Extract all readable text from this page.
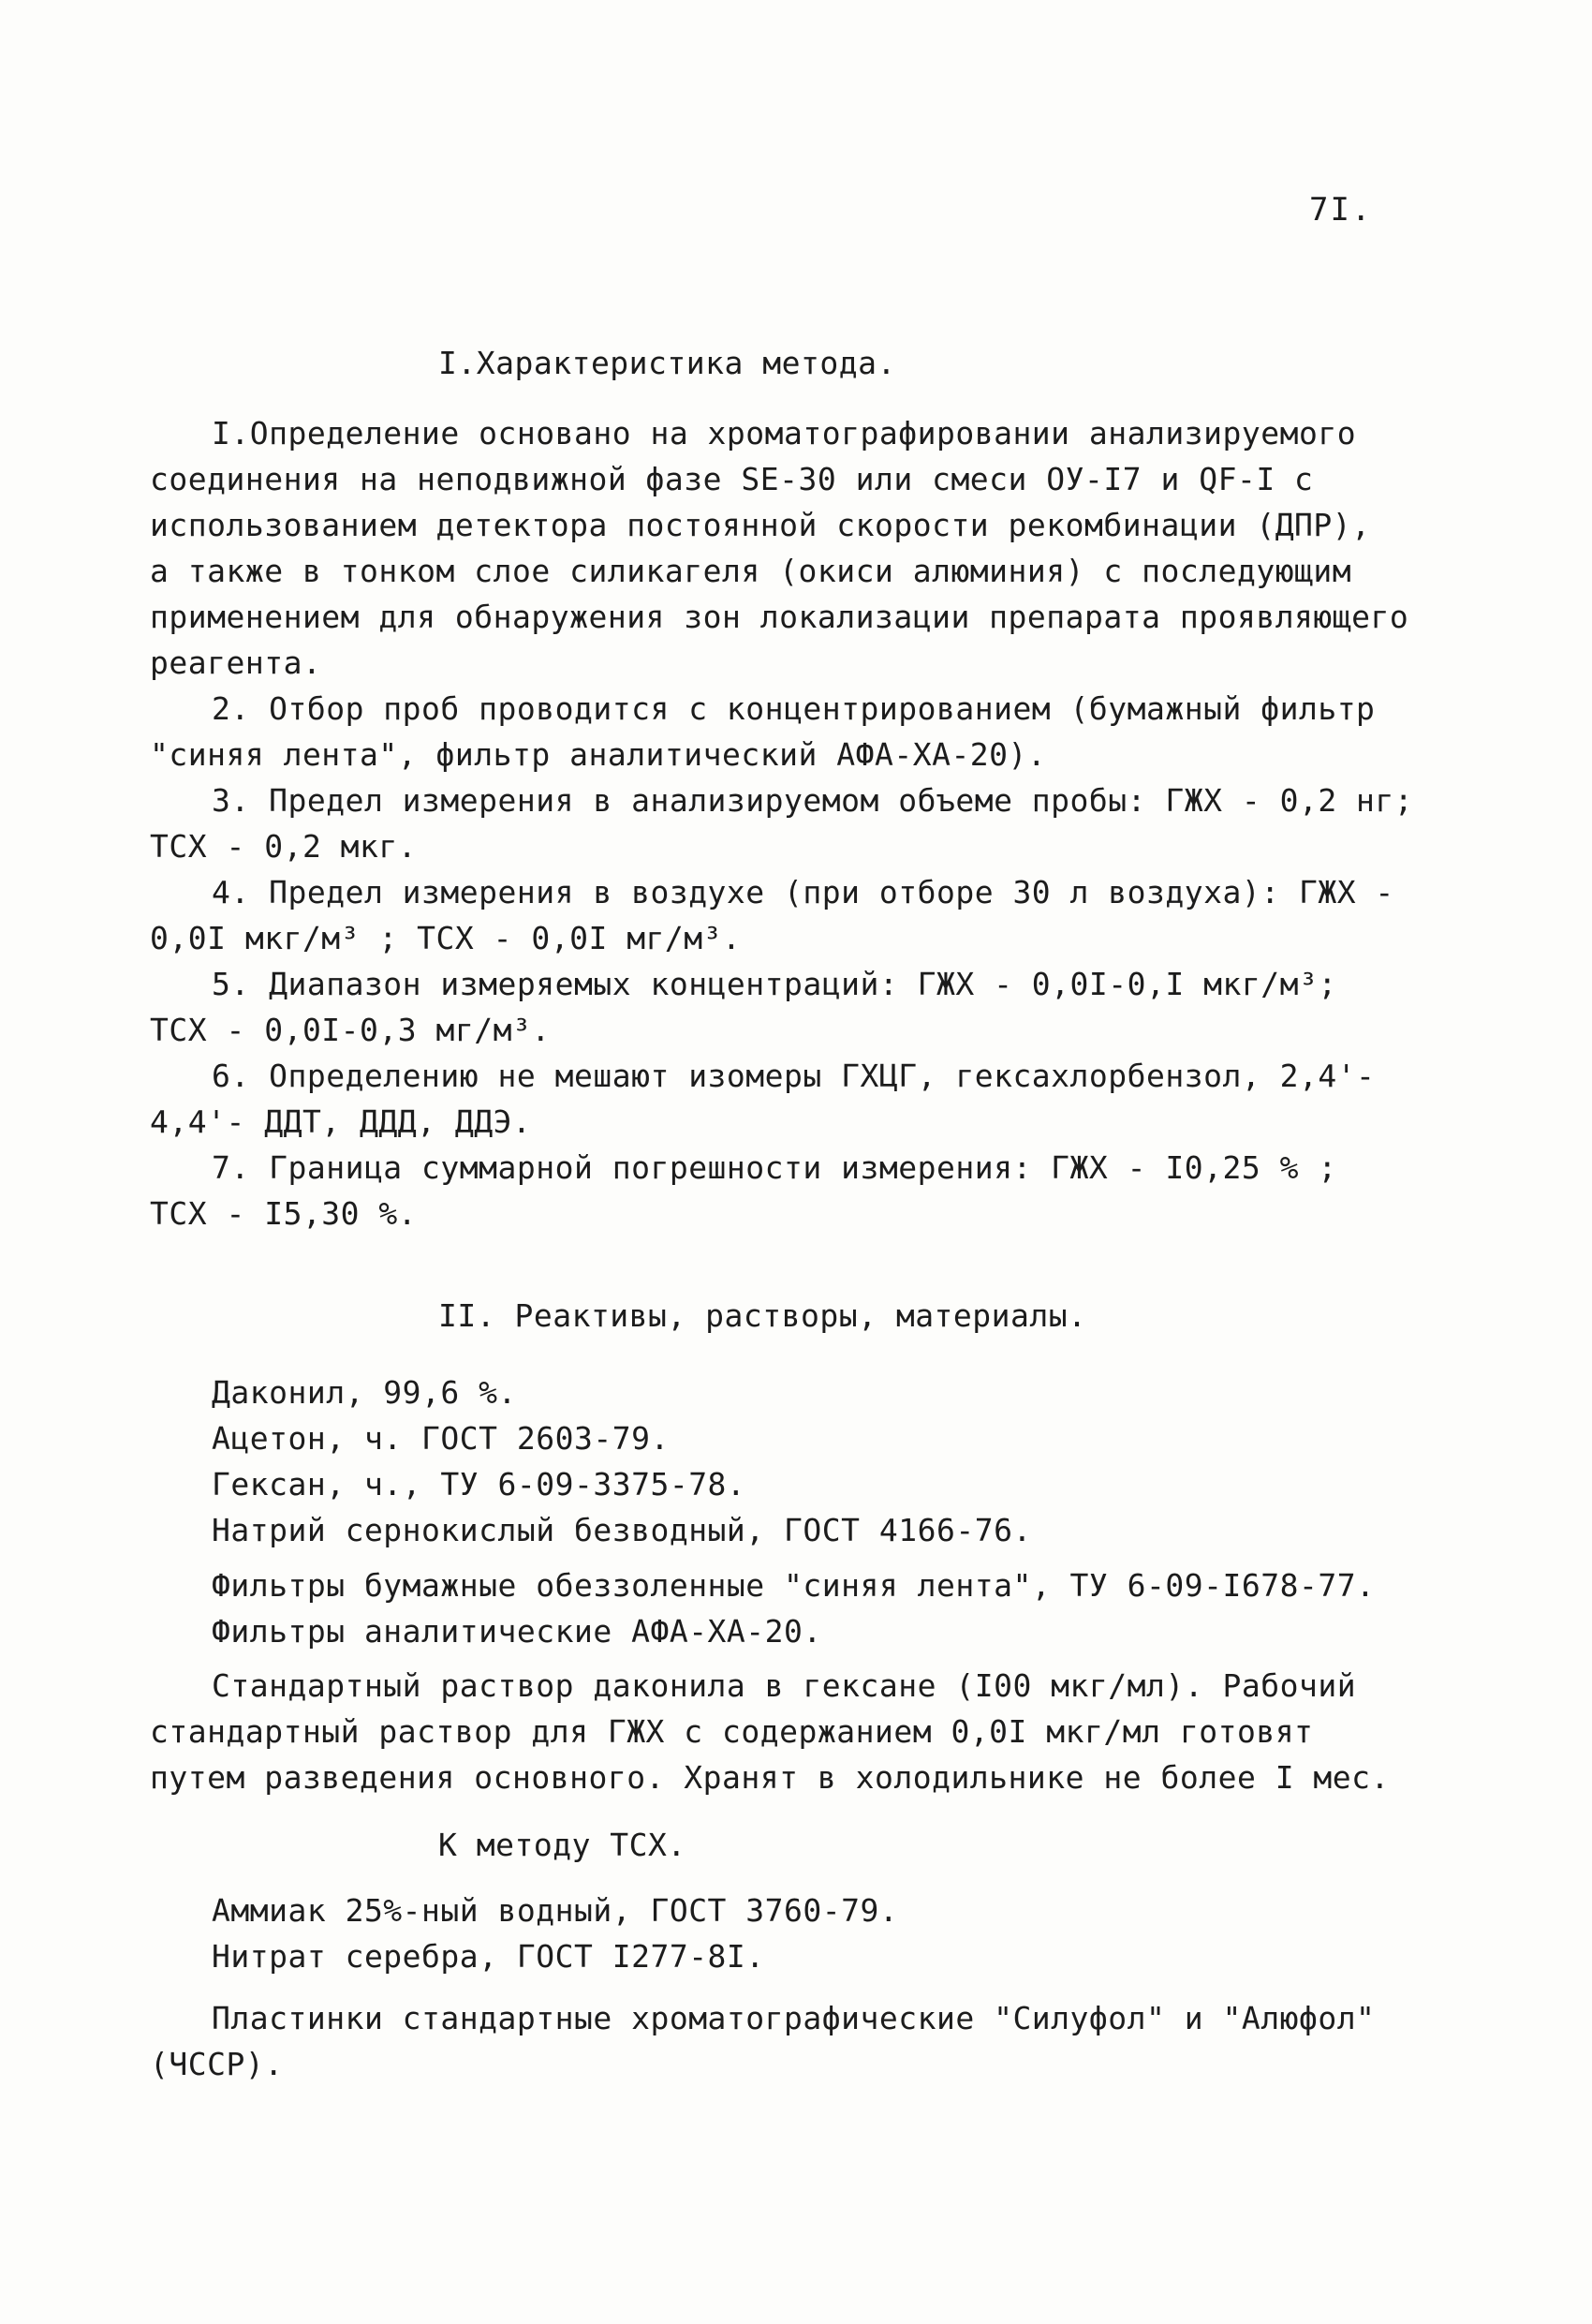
7I.
I.Характеристика метода.

I.Определение основано на хроматографировании анализируемого

соединения на неподвижной фазе SE-30 или смеси ОУ-I7 и QF-I с

использованием детектора постоянной скорости рекомбинации (ДПР),

а также в тонком слое силикагеля (окиси алюминия) с последующим

применением для обнаружения зон локализации препарата проявляющего

реагента.

2. Отбор проб проводится с концентрированием (бумажный фильтр

"синяя лента", фильтр аналитический АФА-ХА-20).

3. Предел измерения в анализируемом объеме пробы: ГЖХ - 0,2 нг;

ТСХ - 0,2 мкг.

4. Предел измерения в воздухе (при отборе 30 л воздуха): ГЖХ -

0,0I мкг/м³ ; ТСХ - 0,0I мг/м³.

5. Диапазон измеряемых концентраций: ГЖХ - 0,0I-0,I мкг/м³;

ТСХ - 0,0I-0,3 мг/м³.

6. Определению не мешают изомеры ГХЦГ, гексахлорбензол, 2,4'-

4,4'- ДДТ, ДДД, ДДЭ.

7. Граница суммарной погрешности измерения: ГЖХ - I0,25 % ;

ТСХ - I5,30 %.

II. Реактивы, растворы, материалы.

Даконил, 99,6 %.

Ацетон, ч. ГОСТ 2603-79.

Гексан, ч., ТУ 6-09-3375-78.

Натрий сернокислый безводный, ГОСТ 4166-76.

Фильтры бумажные обеззоленные "синяя лента", ТУ 6-09-I678-77.

Фильтры аналитические АФА-ХА-20.

Стандартный раствор даконила в гексане (I00 мкг/мл). Рабочий

стандартный раствор для ГЖХ с содержанием 0,0I мкг/мл готовят

путем разведения основного. Хранят в холодильнике не более I мес.

К методу ТСХ.

Аммиак 25%-ный водный, ГОСТ 3760-79.

Нитрат серебра, ГОСТ I277-8I.

Пластинки стандартные хроматографические "Силуфол" и "Алюфол"

(ЧССР).
